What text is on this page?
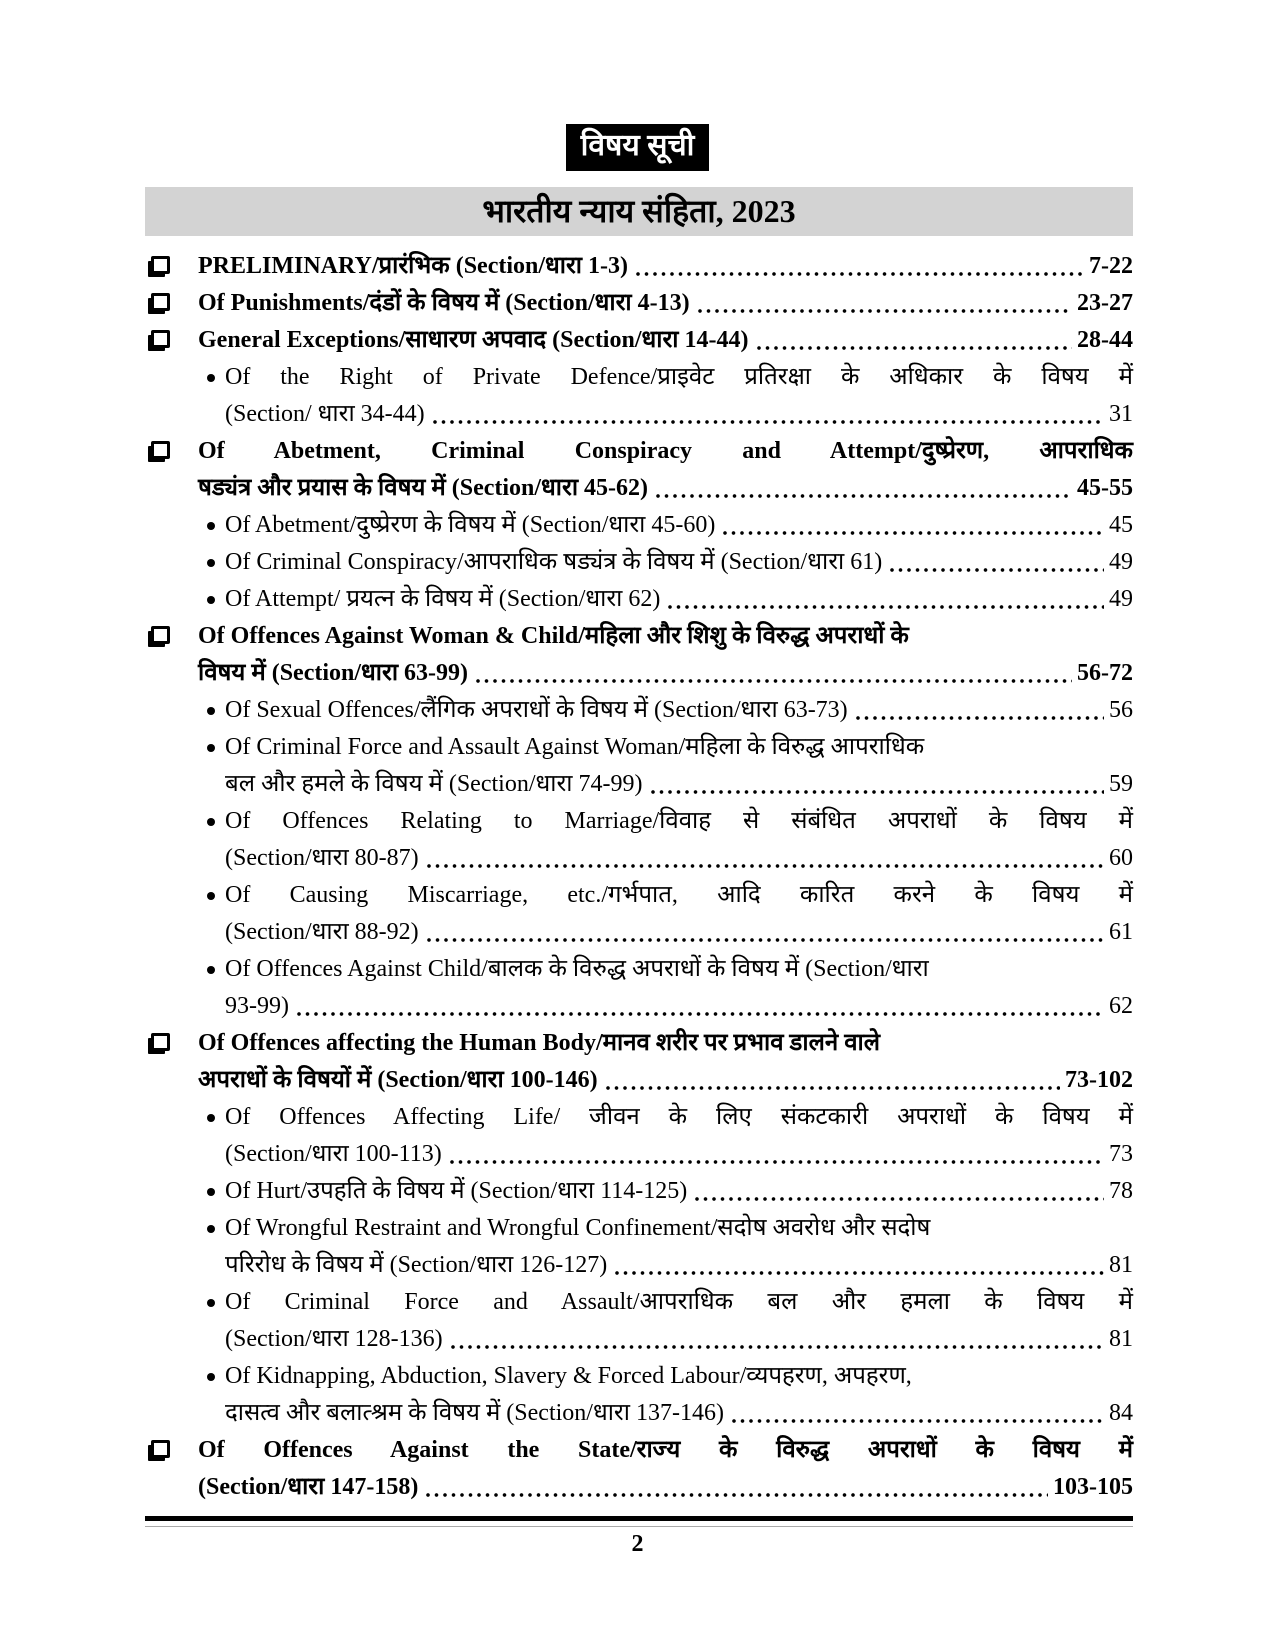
विषय सूची
भारतीय न्याय संहिता, 2023
PRELIMINARY/प्रारंभिक (Section/धारा 1-3)	7-22
Of Punishments/दंडों के विषय में (Section/धारा 4-13)	23-27
General Exceptions/साधारण अपवाद (Section/धारा 14-44)	28-44
Of the Right of Private Defence/प्राइवेट प्रतिरक्षा के अधिकार के विषय में
(Section/ धारा 34-44)	31
Of Abetment, Criminal Conspiracy and Attempt/दुष्प्रेरण, आपराधिक
षड्यंत्र और प्रयास के विषय में (Section/धारा 45-62)	45-55
Of Abetment/दुष्प्रेरण के विषय में (Section/धारा 45-60)	45
Of Criminal Conspiracy/आपराधिक षड्यंत्र के विषय में (Section/धारा 61)	49
Of Attempt/ प्रयत्न के विषय में (Section/धारा 62)	49
Of Offences Against Woman & Child/महिला और शिशु के विरुद्ध अपराधों के
विषय में (Section/धारा 63-99)	56-72
Of Sexual Offences/लैंगिक अपराधों के विषय में (Section/धारा 63-73)	56
Of Criminal Force and Assault Against Woman/महिला के विरुद्ध आपराधिक
बल और हमले के विषय में (Section/धारा 74-99)	59
Of Offences Relating to Marriage/विवाह से संबंधित अपराधों के विषय में
(Section/धारा 80-87)	60
Of Causing Miscarriage, etc./गर्भपात, आदि कारित करने के विषय में
(Section/धारा 88-92)	61
Of Offences Against Child/बालक के विरुद्ध अपराधों के विषय में (Section/धारा
93-99)	62
Of Offences affecting the Human Body/मानव शरीर पर प्रभाव डालने वाले
अपराधों के विषयों में (Section/धारा 100-146)	73-102
Of Offences Affecting Life/ जीवन के लिए संकटकारी अपराधों के विषय में
(Section/धारा 100-113)	73
Of Hurt/उपहति के विषय में (Section/धारा 114-125)	78
Of Wrongful Restraint and Wrongful Confinement/सदोष अवरोध और सदोष
परिरोध के विषय में (Section/धारा 126-127)	81
Of Criminal Force and Assault/आपराधिक बल और हमला के विषय में
(Section/धारा 128-136)	81
Of Kidnapping, Abduction, Slavery & Forced Labour/व्यपहरण, अपहरण,
दासत्व और बलात्श्रम के विषय में (Section/धारा 137-146)	84
Of Offences Against the State/राज्य के विरुद्ध अपराधों के विषय में
(Section/धारा 147-158)	103-105
2
